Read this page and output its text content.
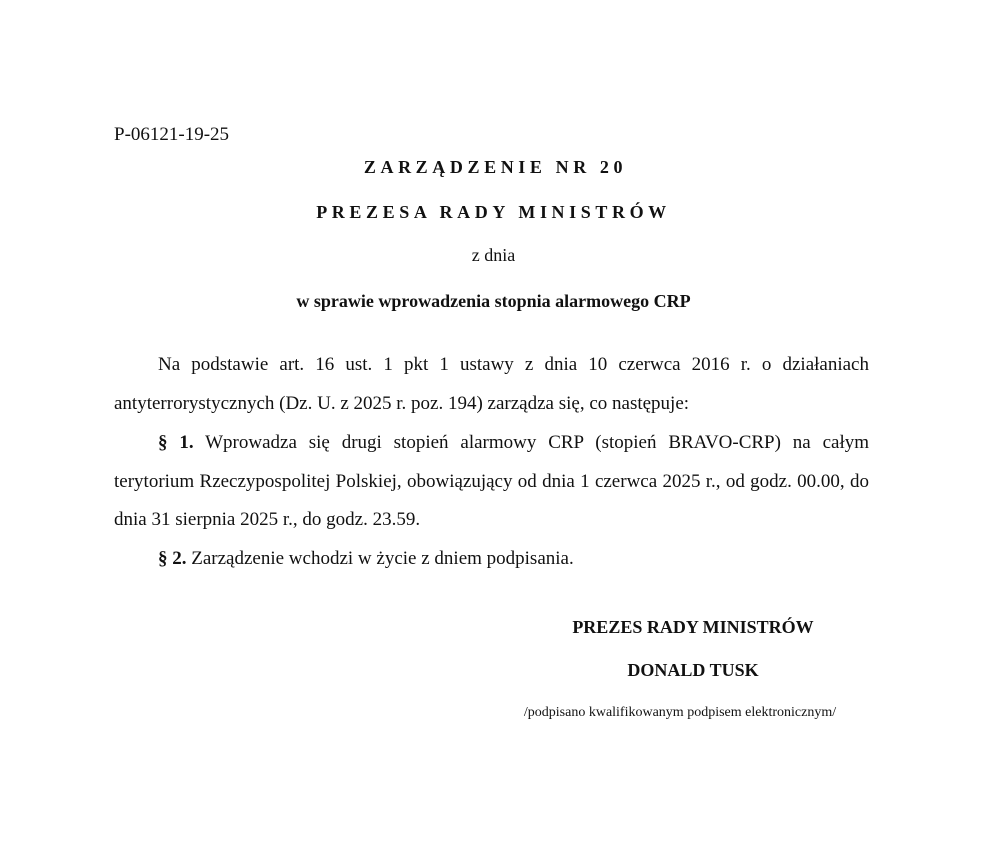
P-06121-19-25
ZARZĄDZENIE NR 20
PREZESA RADY MINISTRÓW
z dnia
w sprawie wprowadzenia stopnia alarmowego CRP
Na podstawie art. 16 ust. 1 pkt 1 ustawy z dnia 10 czerwca 2016 r. o działaniach antyterrorystycznych (Dz. U. z 2025 r. poz. 194) zarządza się, co następuje:
§ 1. Wprowadza się drugi stopień alarmowy CRP (stopień BRAVO-CRP) na całym terytorium Rzeczypospolitej Polskiej, obowiązujący od dnia 1 czerwca 2025 r., od godz. 00.00, do dnia 31 sierpnia 2025 r., do godz. 23.59.
§ 2. Zarządzenie wchodzi w życie z dniem podpisania.
PREZES RADY MINISTRÓW
DONALD TUSK
/podpisano kwalifikowanym podpisem elektronicznym/
